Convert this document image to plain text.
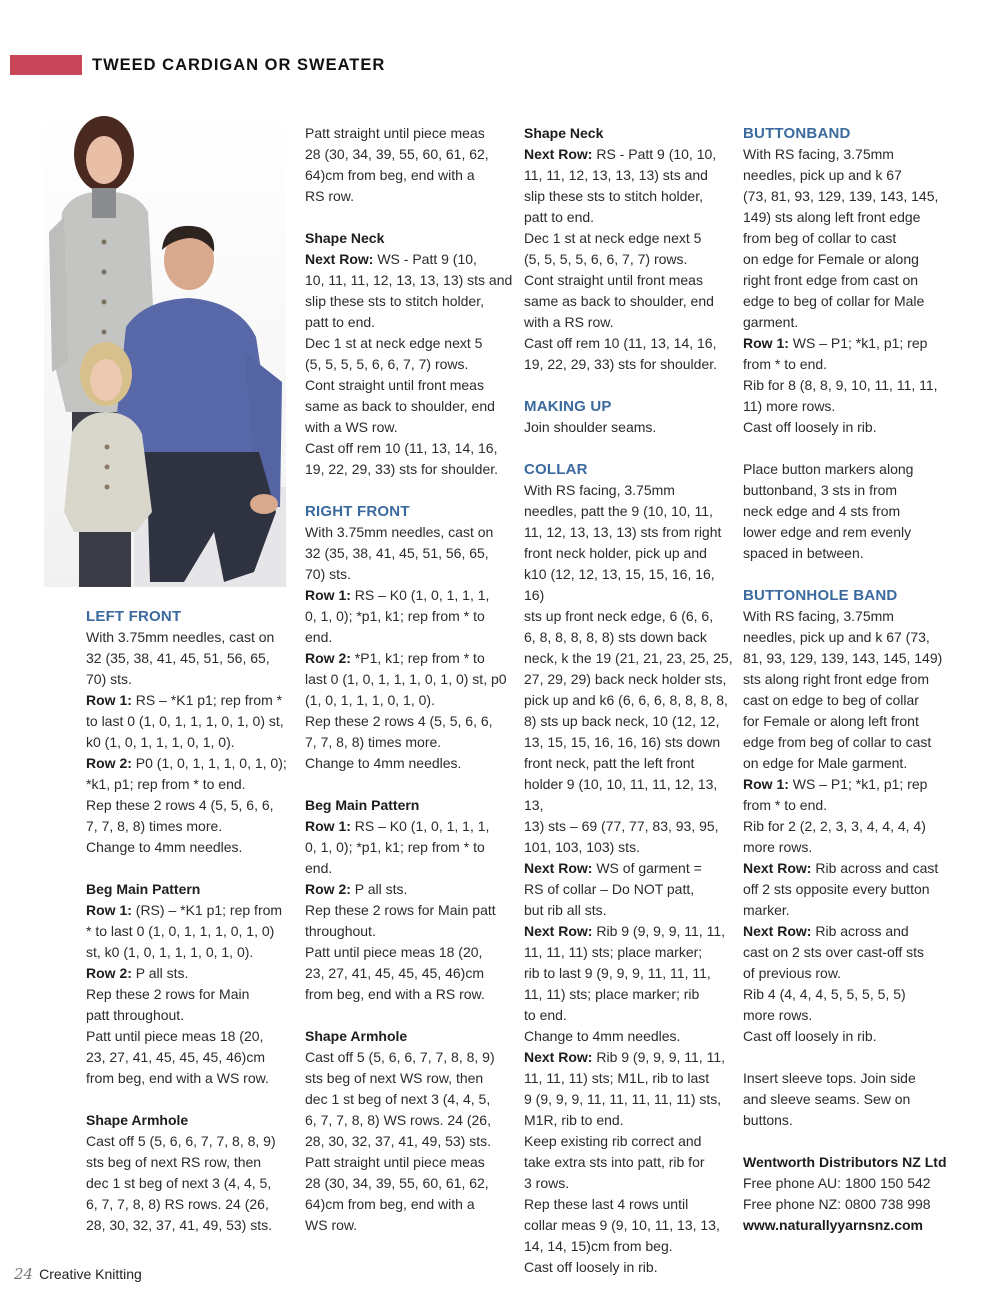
TWEED CARDIGAN OR SWEATER

LEFT FRONT

With 3.75mm needles, cast on

32 (35, 38, 41, 45, 51, 56, 65,

70) sts.

Row 1: RS – *K1 p1; rep from *

to last 0 (1, 0, 1, 1, 1, 0, 1, 0) st,

k0 (1, 0, 1, 1, 1, 0, 1, 0).

Row 2: P0 (1, 0, 1, 1, 1, 0, 1, 0);

*k1, p1; rep from * to end.

Rep these 2 rows 4 (5, 5, 6, 6,

7, 7, 8, 8) times more.

Change to 4mm needles.

Beg Main Pattern

Row 1: (RS) – *K1 p1; rep from

* to last 0 (1, 0, 1, 1, 1, 0, 1, 0)

st, k0 (1, 0, 1, 1, 1, 0, 1, 0).

Row 2: P all sts.

Rep these 2 rows for Main

patt throughout.

Patt until piece meas 18 (20,

23, 27, 41, 45, 45, 45, 46)cm

from beg, end with a WS row.

Shape Armhole

Cast off 5 (5, 6, 6, 7, 7, 8, 8, 9)

sts beg of next RS row, then

dec 1 st beg of next 3 (4, 4, 5,

6, 7, 7, 8, 8) RS rows. 24 (26,

28, 30, 32, 37, 41, 49, 53) sts.

Patt straight until piece meas

28 (30, 34, 39, 55, 60, 61, 62,

64)cm from beg, end with a

RS row.

Shape Neck

Next Row: WS - Patt 9 (10,

10, 11, 11, 12, 13, 13, 13) sts and

slip these sts to stitch holder,

patt to end.

Dec 1 st at neck edge next 5

(5, 5, 5, 5, 6, 6, 7, 7) rows.

Cont straight until front meas

same as back to shoulder, end

with a WS row.

Cast off rem 10 (11, 13, 14, 16,

19, 22, 29, 33) sts for shoulder.

RIGHT FRONT

With 3.75mm needles, cast on

32 (35, 38, 41, 45, 51, 56, 65,

70) sts.

Row 1: RS – K0 (1, 0, 1, 1, 1,

0, 1, 0); *p1, k1; rep from * to

end.

Row 2: *P1, k1; rep from * to

last 0 (1, 0, 1, 1, 1, 0, 1, 0) st, p0

(1, 0, 1, 1, 1, 0, 1, 0).

Rep these 2 rows 4 (5, 5, 6, 6,

7, 7, 8, 8) times more.

Change to 4mm needles.

Beg Main Pattern

Row 1: RS – K0 (1, 0, 1, 1, 1,

0, 1, 0); *p1, k1; rep from * to

end.

Row 2: P all sts.

Rep these 2 rows for Main patt

throughout.

Patt until piece meas 18 (20,

23, 27, 41, 45, 45, 45, 46)cm

from beg, end with a RS row.

Shape Armhole

Cast off 5 (5, 6, 6, 7, 7, 8, 8, 9)

sts beg of next WS row, then

dec 1 st beg of next 3 (4, 4, 5,

6, 7, 7, 8, 8) WS rows. 24 (26,

28, 30, 32, 37, 41, 49, 53) sts.

Patt straight until piece meas

28 (30, 34, 39, 55, 60, 61, 62,

64)cm from beg, end with a

WS row.

Shape Neck

Next Row: RS - Patt 9 (10, 10,

11, 11, 12, 13, 13, 13) sts and

slip these sts to stitch holder,

patt to end.

Dec 1 st at neck edge next 5

(5, 5, 5, 5, 6, 6, 7, 7) rows.

Cont straight until front meas

same as back to shoulder, end

with a RS row.

Cast off rem 10 (11, 13, 14, 16,

19, 22, 29, 33) sts for shoulder.

MAKING UP

Join shoulder seams.

COLLAR

With RS facing, 3.75mm

needles, patt the 9 (10, 10, 11,

11, 12, 13, 13, 13) sts from right

front neck holder, pick up and

k10 (12, 12, 13, 15, 15, 16, 16, 16)

sts up front neck edge, 6 (6, 6,

6, 8, 8, 8, 8, 8) sts down back

neck, k the 19 (21, 21, 23, 25, 25,

27, 29, 29) back neck holder sts,

pick up and k6 (6, 6, 6, 8, 8, 8, 8,

8) sts up back neck, 10 (12, 12,

13, 15, 15, 16, 16, 16) sts down

front neck, patt the left front

holder 9 (10, 10, 11, 11, 12, 13, 13,

13) sts – 69 (77, 77, 83, 93, 95,

101, 103, 103) sts.

Next Row: WS of garment =

RS of collar – Do NOT patt,

but rib all sts.

Next Row: Rib 9 (9, 9, 9, 11, 11,

11, 11, 11) sts; place marker;

rib to last 9 (9, 9, 9, 11, 11, 11,

11, 11) sts; place marker; rib

to end.

Change to 4mm needles.

Next Row: Rib 9 (9, 9, 9, 11, 11,

11, 11, 11) sts; M1L, rib to last

9 (9, 9, 9, 11, 11, 11, 11, 11) sts,

M1R, rib to end.

Keep existing rib correct and

take extra sts into patt, rib for

3 rows.

Rep these last 4 rows until

collar meas 9 (9, 10, 11, 13, 13,

14, 14, 15)cm from beg.

Cast off loosely in rib.

BUTTONBAND

With RS facing, 3.75mm

needles, pick up and k 67

(73, 81, 93, 129, 139, 143, 145,

149) sts along left front edge

from beg of collar to cast

on edge for Female or along

right front edge from cast on

edge to beg of collar for Male

garment.

Row 1: WS – P1; *k1, p1; rep

from * to end.

Rib for 8 (8, 8, 9, 10, 11, 11, 11,

11) more rows.

Cast off loosely in rib.

Place button markers along

buttonband, 3 sts in from

neck edge and 4 sts from

lower edge and rem evenly

spaced in between.

BUTTONHOLE BAND

With RS facing, 3.75mm

needles, pick up and k 67 (73,

81, 93, 129, 139, 143, 145, 149)

sts along right front edge from

cast on edge to beg of collar

for Female or along left front

edge from beg of collar to cast

on edge for Male garment.

Row 1: WS – P1; *k1, p1; rep

from * to end.

Rib for 2 (2, 2, 3, 3, 4, 4, 4, 4)

more rows.

Next Row: Rib across and cast

off 2 sts opposite every button

marker.

Next Row: Rib across and

cast on 2 sts over cast-off sts

of previous row.

Rib 4 (4, 4, 4, 5, 5, 5, 5, 5)

more rows.

Cast off loosely in rib.

Insert sleeve tops. Join side

and sleeve seams. Sew on

buttons.

Wentworth Distributors NZ Ltd

Free phone AU: 1800 150 542

Free phone NZ: 0800 738 998

www.naturallyyarnsnz.com

24 Creative Knitting
